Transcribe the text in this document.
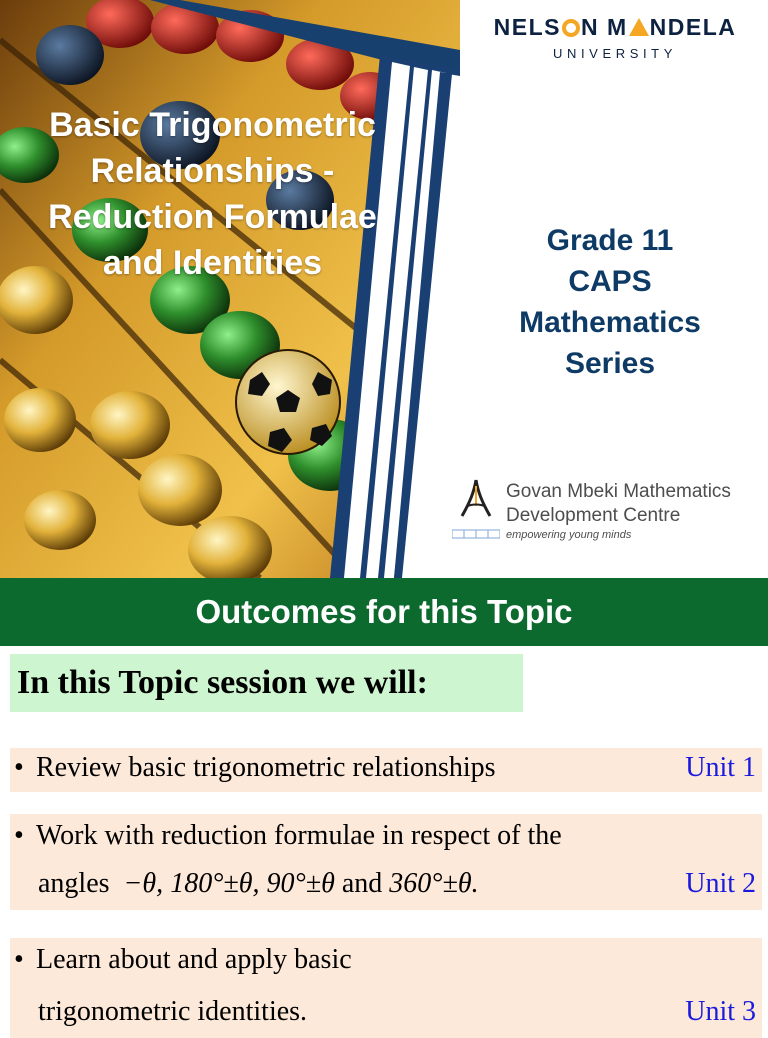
Basic Trigonometric
Relationships -
Reduction Formulae
and Identities
NELS N M NDELA
UNIVERSITY
Grade 11
CAPS
Mathematics
Series
Govan Mbeki Mathematics
Development Centre
empowering young minds
Outcomes for this Topic
In this Topic session we will:
• Review basic trigonometric relationships	Unit 1
• Work with reduction formulae in respect of the
angles −θ, 180°±θ, 90°±θ and 360°±θ.	Unit 2
• Learn about and apply basic
trigonometric identities.	Unit 3
